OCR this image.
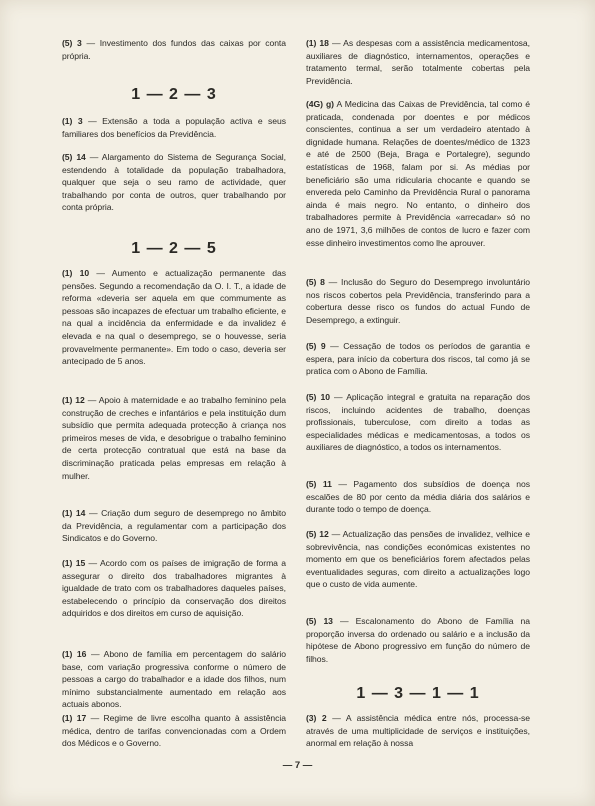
(5) 3 — Investimento dos fundos das caixas por conta própria.
1 — 2 — 3
(1) 3 — Extensão a toda a população activa e seus familiares dos benefícios da Previdência.
(5) 14 — Alargamento do Sistema de Segurança Social, estendendo à totalidade da população trabalhadora, qualquer que seja o seu ramo de actividade, quer trabalhando por conta de outros, quer trabalhando por conta própria.
1 — 2 — 5
(1) 10 — Aumento e actualização permanente das pensões. Segundo a recomendação da O. I. T., a idade de reforma «deveria ser aquela em que commumente as pessoas são incapazes de efectuar um trabalho eficiente, e na qual a incidência da enfermidade e da invalidez é elevada e na qual o desemprego, se o houvesse, seria provavelmente permanente». Em todo o caso, deveria ser antecipado de 5 anos.
(1) 12 — Apoio à maternidade e ao trabalho feminino pela construção de creches e infantários e pela instituição dum subsídio que permita adequada protecção à criança nos primeiros meses de vida, e desobrigue o trabalho feminino de certa protecção contratual que está na base da discriminação praticada pelas empresas em relação à mulher.
(1) 14 — Criação dum seguro de desemprego no âmbito da Previdência, a regulamentar com a participação dos Sindicatos e do Governo.
(1) 15 — Acordo com os países de imigração de forma a assegurar o direito dos trabalhadores migrantes à igualdade de trato com os trabalhadores daqueles países, estabelecendo o princípio da conservação dos direitos adquiridos e dos direitos em curso de aquisição.
(1) 16 — Abono de família em percentagem do salário base, com variação progressiva conforme o número de pessoas a cargo do trabalhador e a idade dos filhos, num mínimo substancialmente aumentado em relação aos actuais abonos.
(1) 17 — Regime de livre escolha quanto à assistência médica, dentro de tarifas convencionadas com a Ordem dos Médicos e o Governo.
(1) 18 — As despesas com a assistência medicamentosa, auxiliares de diagnóstico, internamentos, operações e tratamento termal, serão totalmente cobertas pela Previdência.
(4G) g) A Medicina das Caixas de Previdência, tal como é praticada, condenada por doentes e por médicos conscientes, continua a ser um verdadeiro atentado à dignidade humana. Relações de doentes/médico de 1323 e até de 2500 (Beja, Braga e Portalegre), segundo estatísticas de 1968, falam por si. As médias por beneficiário são uma ridicularia chocante e quando se envereda pelo Caminho da Previdência Rural o panorama ainda é mais negro. No entanto, o dinheiro dos trabalhadores permite à Previdência «arrecadar» só no ano de 1971, 3,6 milhões de contos de lucro e fazer com esse dinheiro investimentos como lhe aprouver.
(5) 8 — Inclusão do Seguro do Desemprego involuntário nos riscos cobertos pela Previdência, transferindo para a cobertura desse risco os fundos do actual Fundo de Desemprego, a extinguir.
(5) 9 — Cessação de todos os períodos de garantia e espera, para início da cobertura dos riscos, tal como já se pratica com o Abono de Família.
(5) 10 — Aplicação integral e gratuita na reparação dos riscos, incluindo acidentes de trabalho, doenças profissionais, tuberculose, com direito a todas as especialidades médicas e medicamentosas, a todos os auxiliares de diagnóstico, a todos os internamentos.
(5) 11 — Pagamento dos subsídios de doença nos escalões de 80 por cento da média diária dos salários e durante todo o tempo de doença.
(5) 12 — Actualização das pensões de invalidez, velhice e sobrevivência, nas condições económicas existentes no momento em que os beneficiários forem afectados pelas eventualidades seguras, com direito a actualizações logo que o custo de vida aumente.
(5) 13 — Escalonamento do Abono de Família na proporção inversa do ordenado ou salário e a inclusão da hipótese de Abono progressivo em função do número de filhos.
1 — 3 — 1 — 1
(3) 2 — A assistência médica entre nós, processa-se através de uma multiplicidade de serviços e instituições, anormal em relação à nossa
— 7 —
